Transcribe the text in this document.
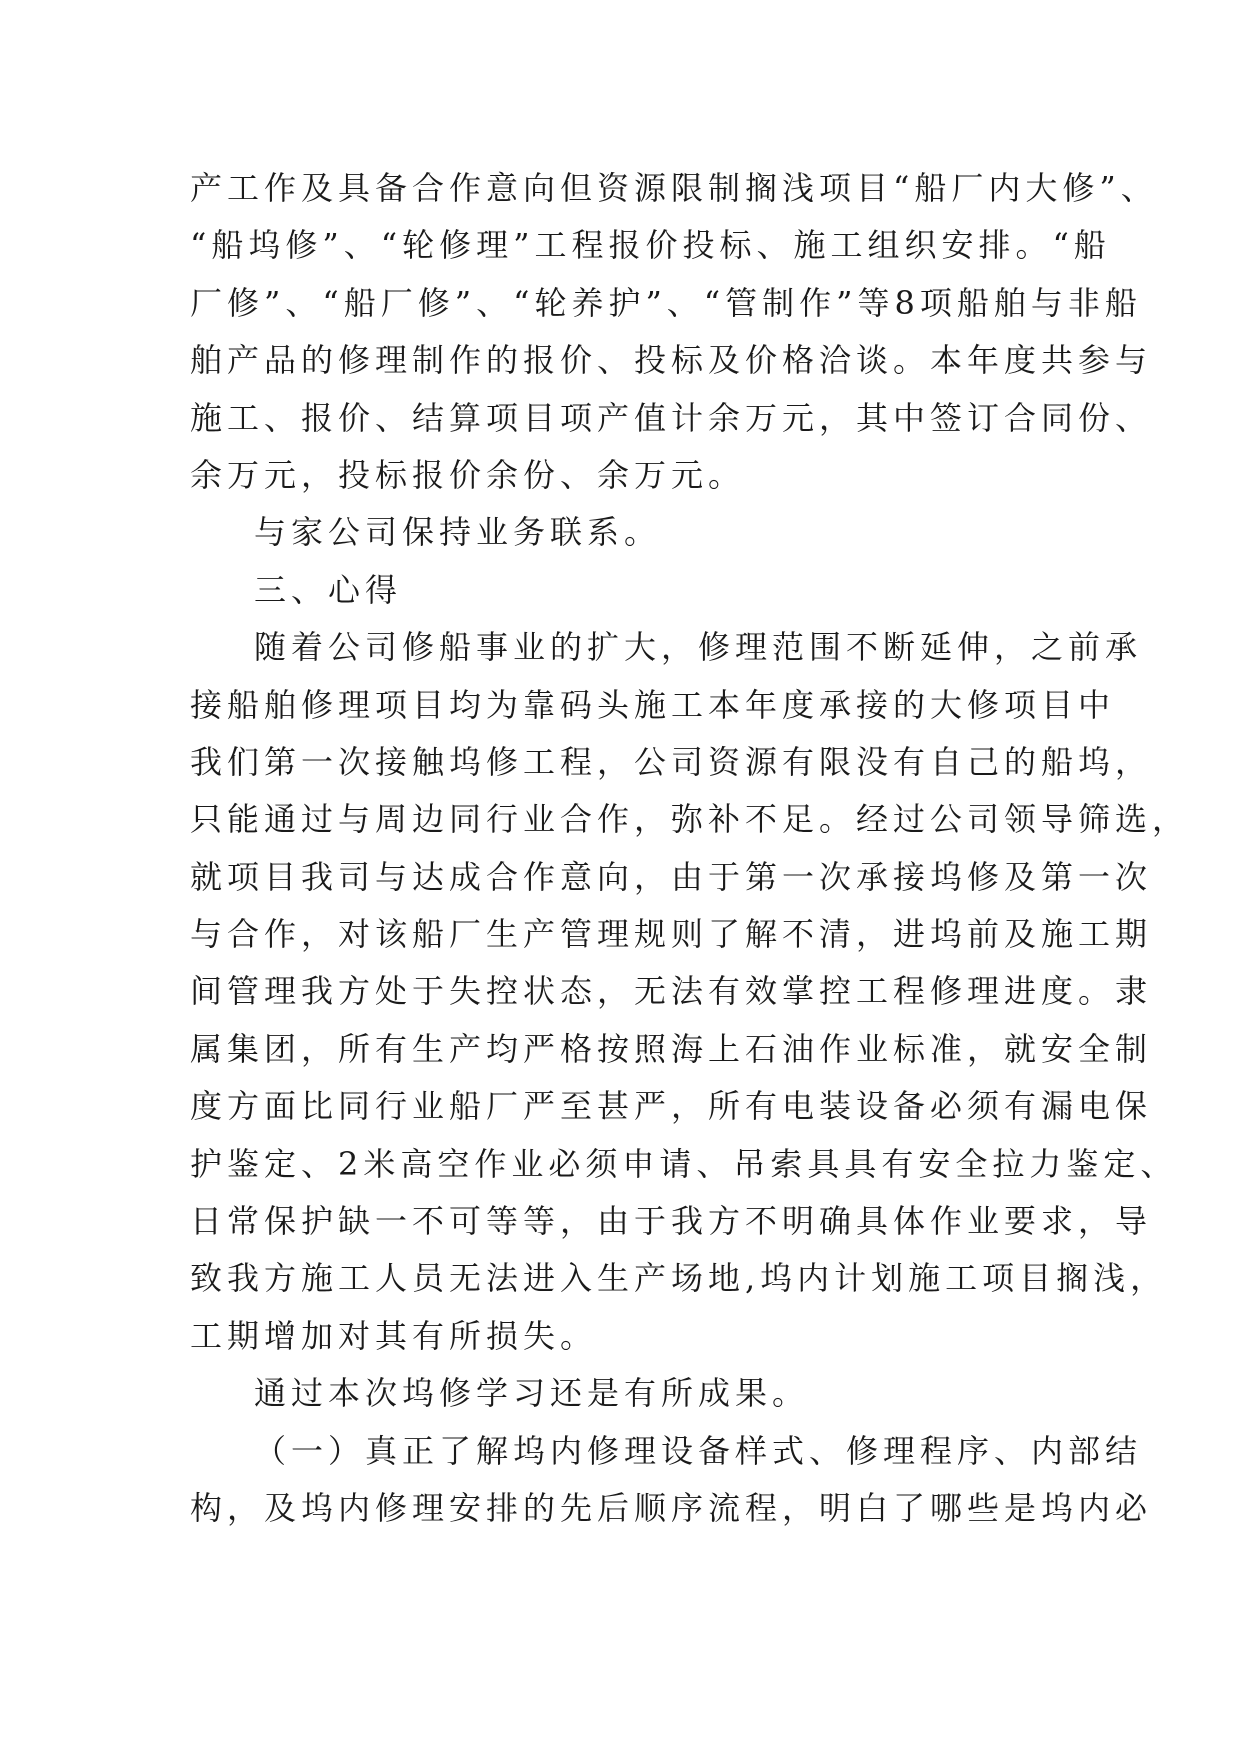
产工作及具备合作意向但资源限制搁浅项目“船厂内大修”、
“船坞修”、“轮修理”工程报价投标、施工组织安排。“船
厂修”、“船厂修”、“轮养护”、“管制作”等8项船舶与非船
舶产品的修理制作的报价、投标及价格洽谈。本年度共参与
施工、报价、结算项目项产值计余万元，其中签订合同份、
余万元，投标报价余份、余万元。
与家公司保持业务联系。
三、心得
随着公司修船事业的扩大，修理范围不断延伸，之前承
接船舶修理项目均为靠码头施工本年度承接的大修项目中
我们第一次接触坞修工程，公司资源有限没有自己的船坞，
只能通过与周边同行业合作，弥补不足。经过公司领导筛选，
就项目我司与达成合作意向，由于第一次承接坞修及第一次
与合作，对该船厂生产管理规则了解不清，进坞前及施工期
间管理我方处于失控状态，无法有效掌控工程修理进度。隶
属集团，所有生产均严格按照海上石油作业标准，就安全制
度方面比同行业船厂严至甚严，所有电装设备必须有漏电保
护鉴定、2米高空作业必须申请、吊索具具有安全拉力鉴定、
日常保护缺一不可等等，由于我方不明确具体作业要求，导
致我方施工人员无法进入生产场地,坞内计划施工项目搁浅，
工期增加对其有所损失。
通过本次坞修学习还是有所成果。
（一）真正了解坞内修理设备样式、修理程序、内部结
构，及坞内修理安排的先后顺序流程，明白了哪些是坞内必
